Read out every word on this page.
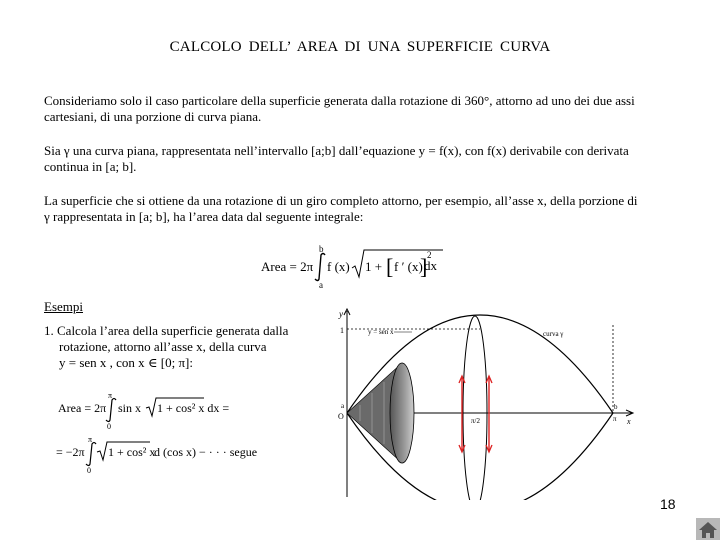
CALCOLO DELL’ AREA DI UNA SUPERFICIE CURVA
Consideriamo solo il caso particolare della superficie generata dalla rotazione di 360°, attorno ad uno dei due assi cartesiani, di una porzione di curva piana.
Sia γ una curva piana, rappresentata nell’intervallo [a;b] dall’equazione y = f(x), con f(x) derivabile con derivata continua in [a; b].
La superficie che si ottiene da una rotazione di un giro completo attorno, per esempio, all’asse x, della porzione di γ rappresentata in [a; b], ha l’area data dal seguente integrale:
Area = 2π
b
a
f (x) 1 + [ f ′ (x)
] 2
dx
Esempi
1. Calcola l’area della superficie generata dalla

rotazione, attorno all’asse x, della curva
y = sen x , con x ∈ [0; π]:
Area = 2π
π
0
sin x 1 + cos² x dx =
= −2π
π
0
1 + cos² x
d (cos x) − · · · segue
y
1
x
y = sen x	curva γ
O
a
π/2
b
π
18
